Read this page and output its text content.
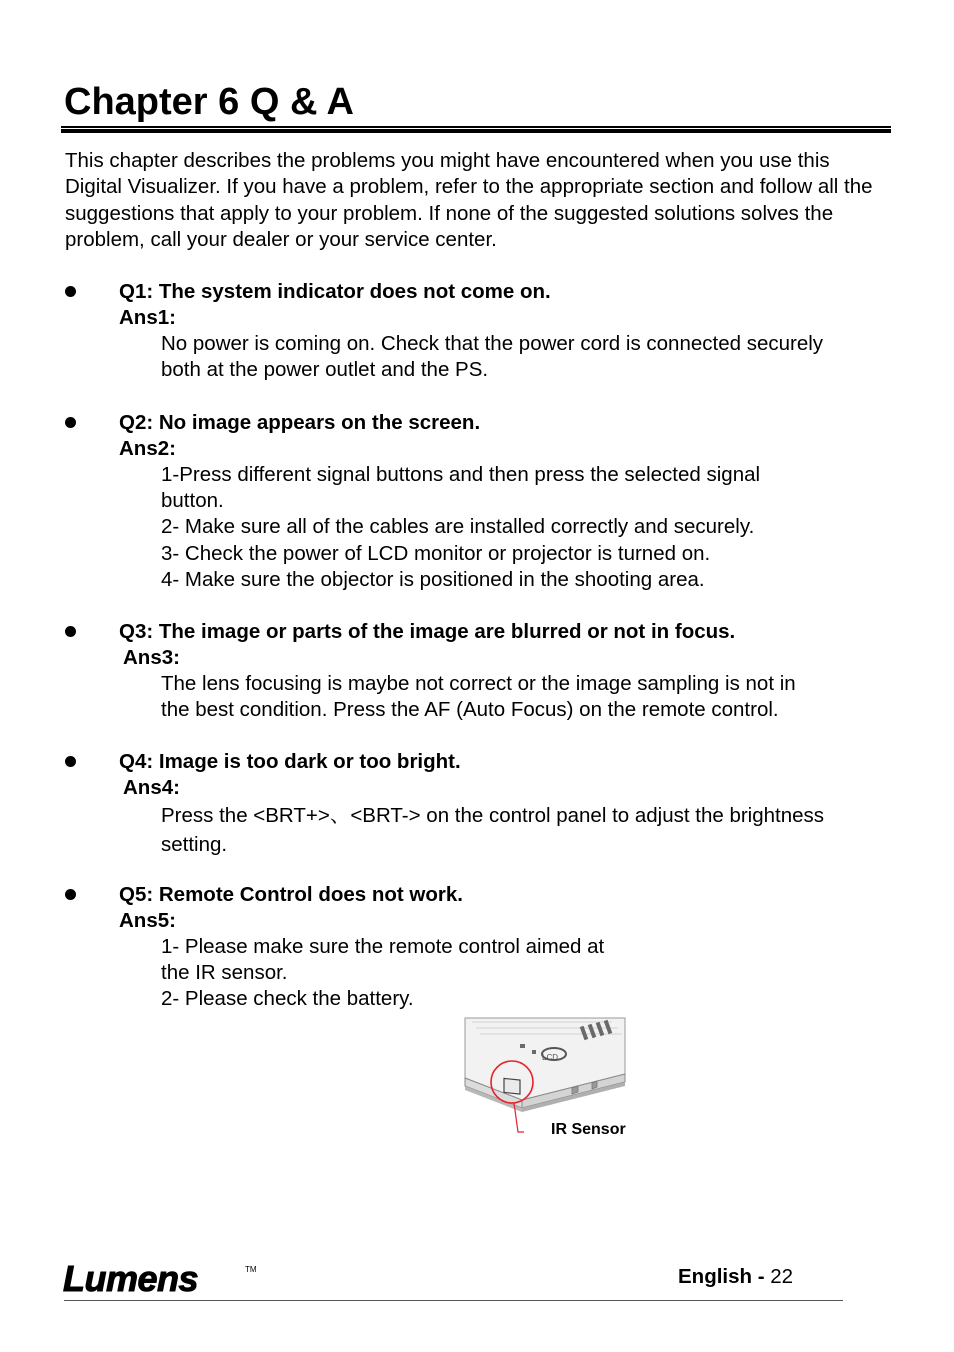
Chapter 6 Q & A

This chapter describes the problems you might have encountered when you use this Digital Visualizer. If you have a problem, refer to the appropriate section and follow all the suggestions that apply to your problem. If none of the suggested solutions solves the problem, call your dealer or your service center.

Q1: The system indicator does not come on.
Ans1:
No power is coming on. Check that the power cord is connected securely
both at the power outlet and the PS.
Q2: No image appears on the screen.
Ans2:
1-Press different signal buttons and then press the selected signal
button.
2- Make sure all of the cables are installed correctly and securely.
3- Check the power of LCD monitor or projector is turned on.
4- Make sure the objector is positioned in the shooting area.
Q3: The image or parts of the image are blurred or not in focus.
Ans3:
The lens focusing is maybe not correct or the image sampling is not in
the best condition. Press the AF (Auto Focus) on the remote control.
Q4: Image is too dark or too bright.
Ans4:
Press the <BRT+>、<BRT-> on the control panel to adjust the brightness
setting.
Q5: Remote Control does not work.
Ans5:
1- Please make sure the remote control aimed at
the IR sensor.
2- Please check the battery.
LCD
IR Sensor
Lumens	TM	English - 22
